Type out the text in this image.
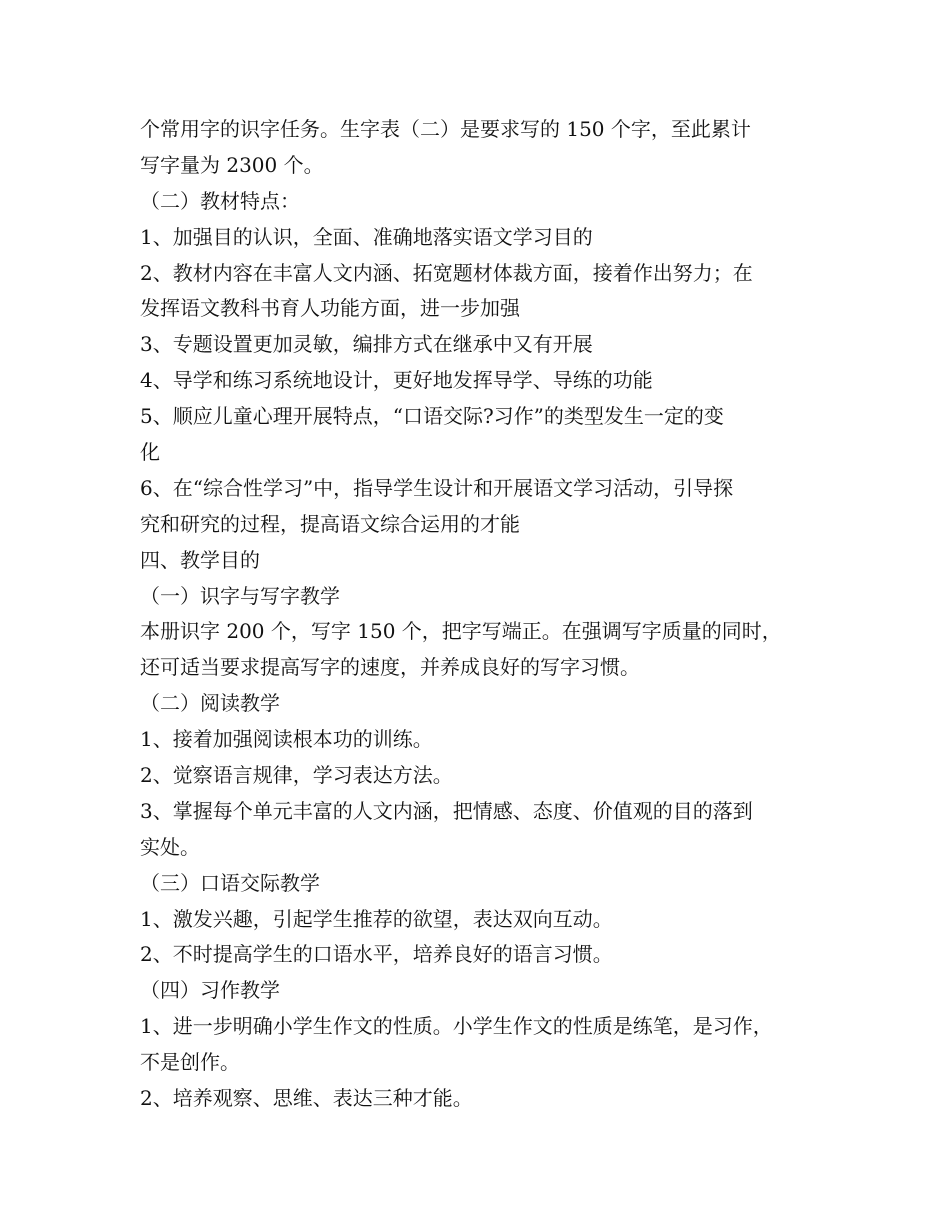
个常用字的识字任务。生字表（二）是要求写的 150 个字，至此累计
写字量为 2300 个。
（二）教材特点：
1、加强目的认识，全面、准确地落实语文学习目的
2、教材内容在丰富人文内涵、拓宽题材体裁方面，接着作出努力；在
发挥语文教科书育人功能方面，进一步加强
3、专题设置更加灵敏，编排方式在继承中又有开展
4、导学和练习系统地设计，更好地发挥导学、导练的功能
5、顺应儿童心理开展特点，“口语交际?习作”的类型发生一定的变
化
6、在“综合性学习”中，指导学生设计和开展语文学习活动，引导探
究和研究的过程，提高语文综合运用的才能
四、教学目的
（一）识字与写字教学
本册识字 200 个，写字 150 个，把字写端正。在强调写字质量的同时，
还可适当要求提高写字的速度，并养成良好的写字习惯。
（二）阅读教学
1、接着加强阅读根本功的训练。
2、觉察语言规律，学习表达方法。
3、掌握每个单元丰富的人文内涵，把情感、态度、价值观的目的落到
实处。
（三）口语交际教学
1、激发兴趣，引起学生推荐的欲望，表达双向互动。
2、不时提高学生的口语水平，培养良好的语言习惯。
（四）习作教学
1、进一步明确小学生作文的性质。小学生作文的性质是练笔，是习作，
不是创作。
2、培养观察、思维、表达三种才能。
